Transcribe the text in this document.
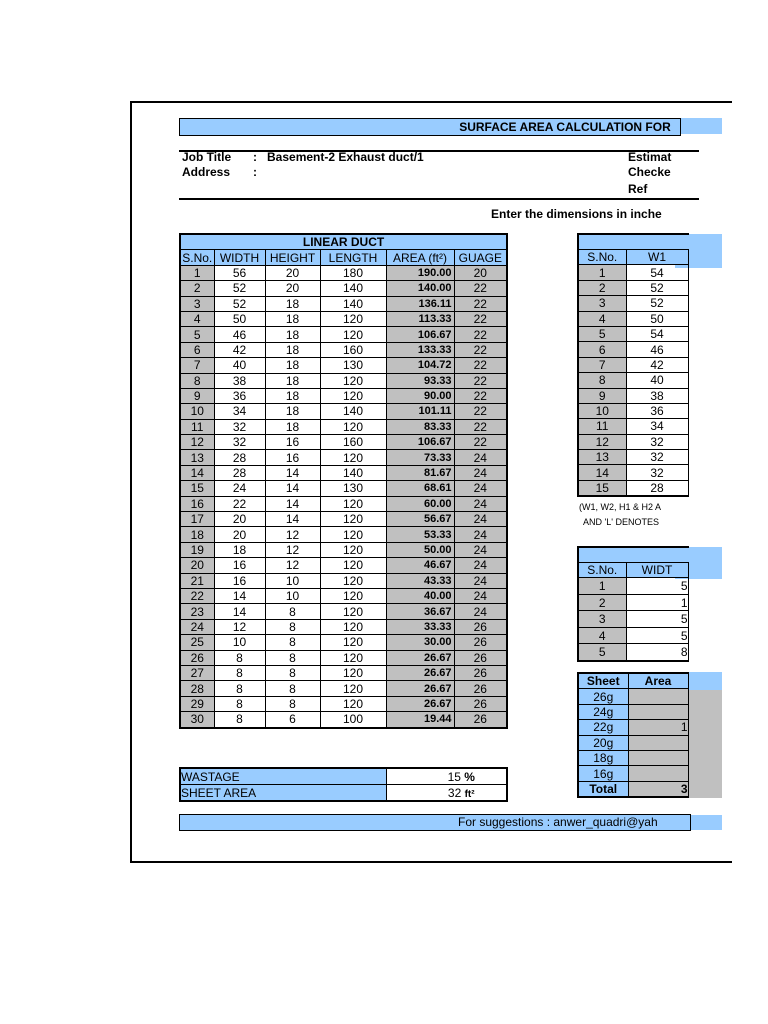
SURFACE AREA CALCULATION FOR
Job Title : Basement-2 Exhaust duct/1
Address :
Estimat
Checke
Ref
Enter the dimensions in inche
LINEAR DUCT					
S.No.	WIDTH	HEIGHT	LENGTH	AREA (ft²)	GUAGE
1	56	20	180	190.00	20
2	52	20	140	140.00	22
3	52	18	140	136.11	22
4	50	18	120	113.33	22
5	46	18	120	106.67	22
6	42	18	160	133.33	22
7	40	18	130	104.72	22
8	38	18	120	93.33	22
9	36	18	120	90.00	22
10	34	18	140	101.11	22
11	32	18	120	83.33	22
12	32	16	160	106.67	22
13	28	16	120	73.33	24
14	28	14	140	81.67	24
15	24	14	130	68.61	24
16	22	14	120	60.00	24
17	20	14	120	56.67	24
18	20	12	120	53.33	24
19	18	12	120	50.00	24
20	16	12	120	46.67	24
21	16	10	120	43.33	24
22	14	10	120	40.00	24
23	14	8	120	36.67	24
24	12	8	120	33.33	26
25	10	8	120	30.00	26
26	8	8	120	26.67	26
27	8	8	120	26.67	26
28	8	8	120	26.67	26
29	8	8	120	26.67	26
30	8	6	100	19.44	26
WASTAGE	15 %
SHEET AREA	32 ft²
For suggestions : anwer_quadri@yah
S.No.	W1
1	54
2	52
3	52
4	50
5	54
6	46
7	42
8	40
9	38
10	36
11	34
12	32
13	32
14	32
15	28
(W1, W2, H1 & H2 A
AND 'L' DENOTES
S.No.	WIDT
1	5
2	1
3	5
4	5
5	8
Sheet	Area
26g	
24g	
22g	1
20g	
18g	
16g	
Total	3
